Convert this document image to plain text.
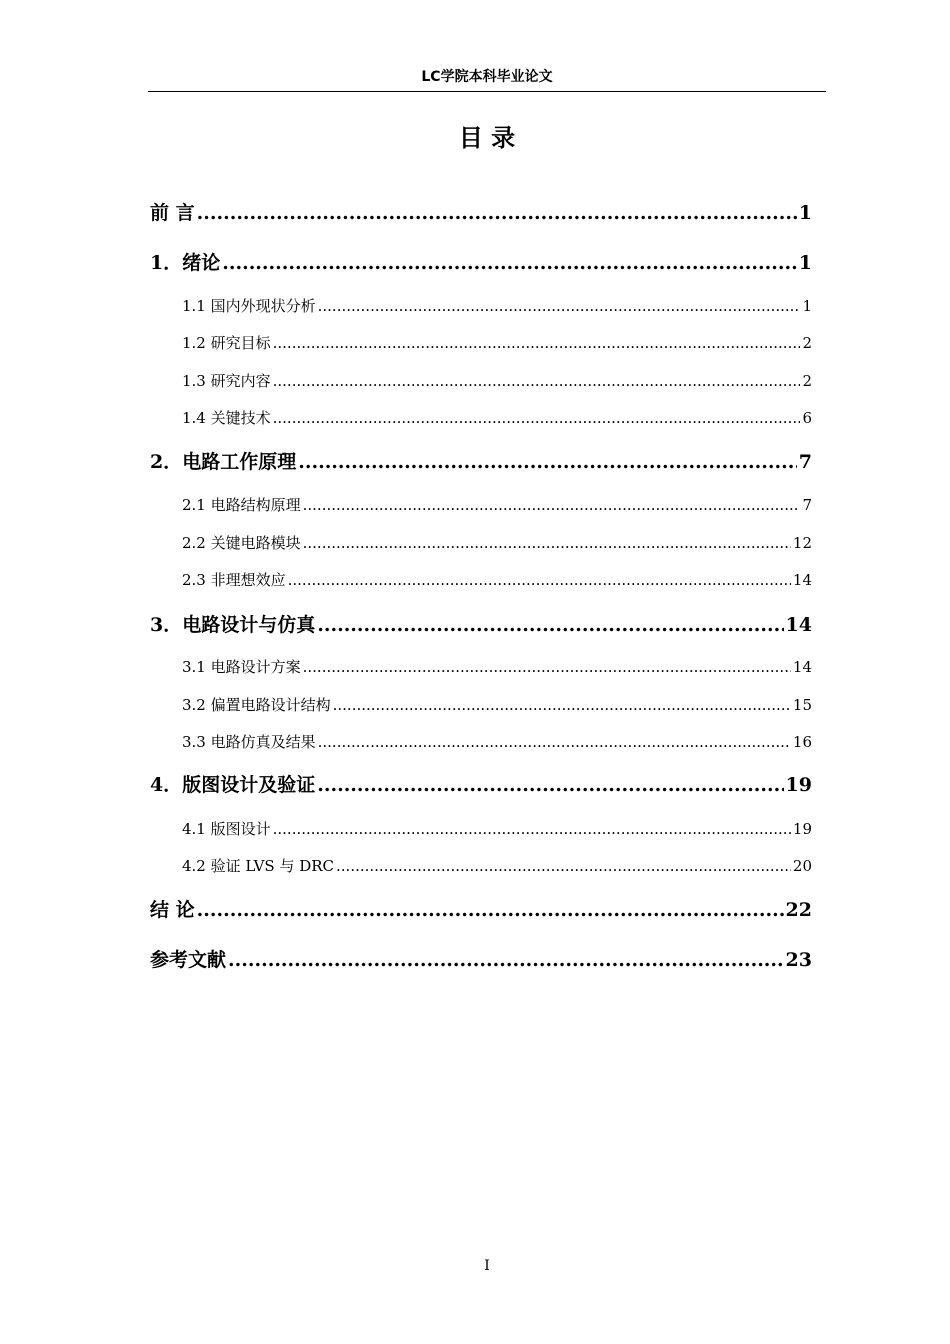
LC学院本科毕业论文
目 录
前 言 .....	1
1．绪论 .....	1
1.1 国内外现状分析 .....	1
1.2 研究目标 .....	2
1.3 研究内容 .....	2
1.4 关键技术 .....	6
2．电路工作原理 .....	7
2.1 电路结构原理 .....	7
2.2 关键电路模块 .....	12
2.3 非理想效应 .....	14
3．电路设计与仿真 .....	14
3.1 电路设计方案 .....	14
3.2 偏置电路设计结构 .....	15
3.3 电路仿真及结果 .....	16
4．版图设计及验证 .....	19
4.1 版图设计 .....	19
4.2 验证 LVS 与 DRC .....	20
结 论 .....	22
参考文献 .....	23
I
